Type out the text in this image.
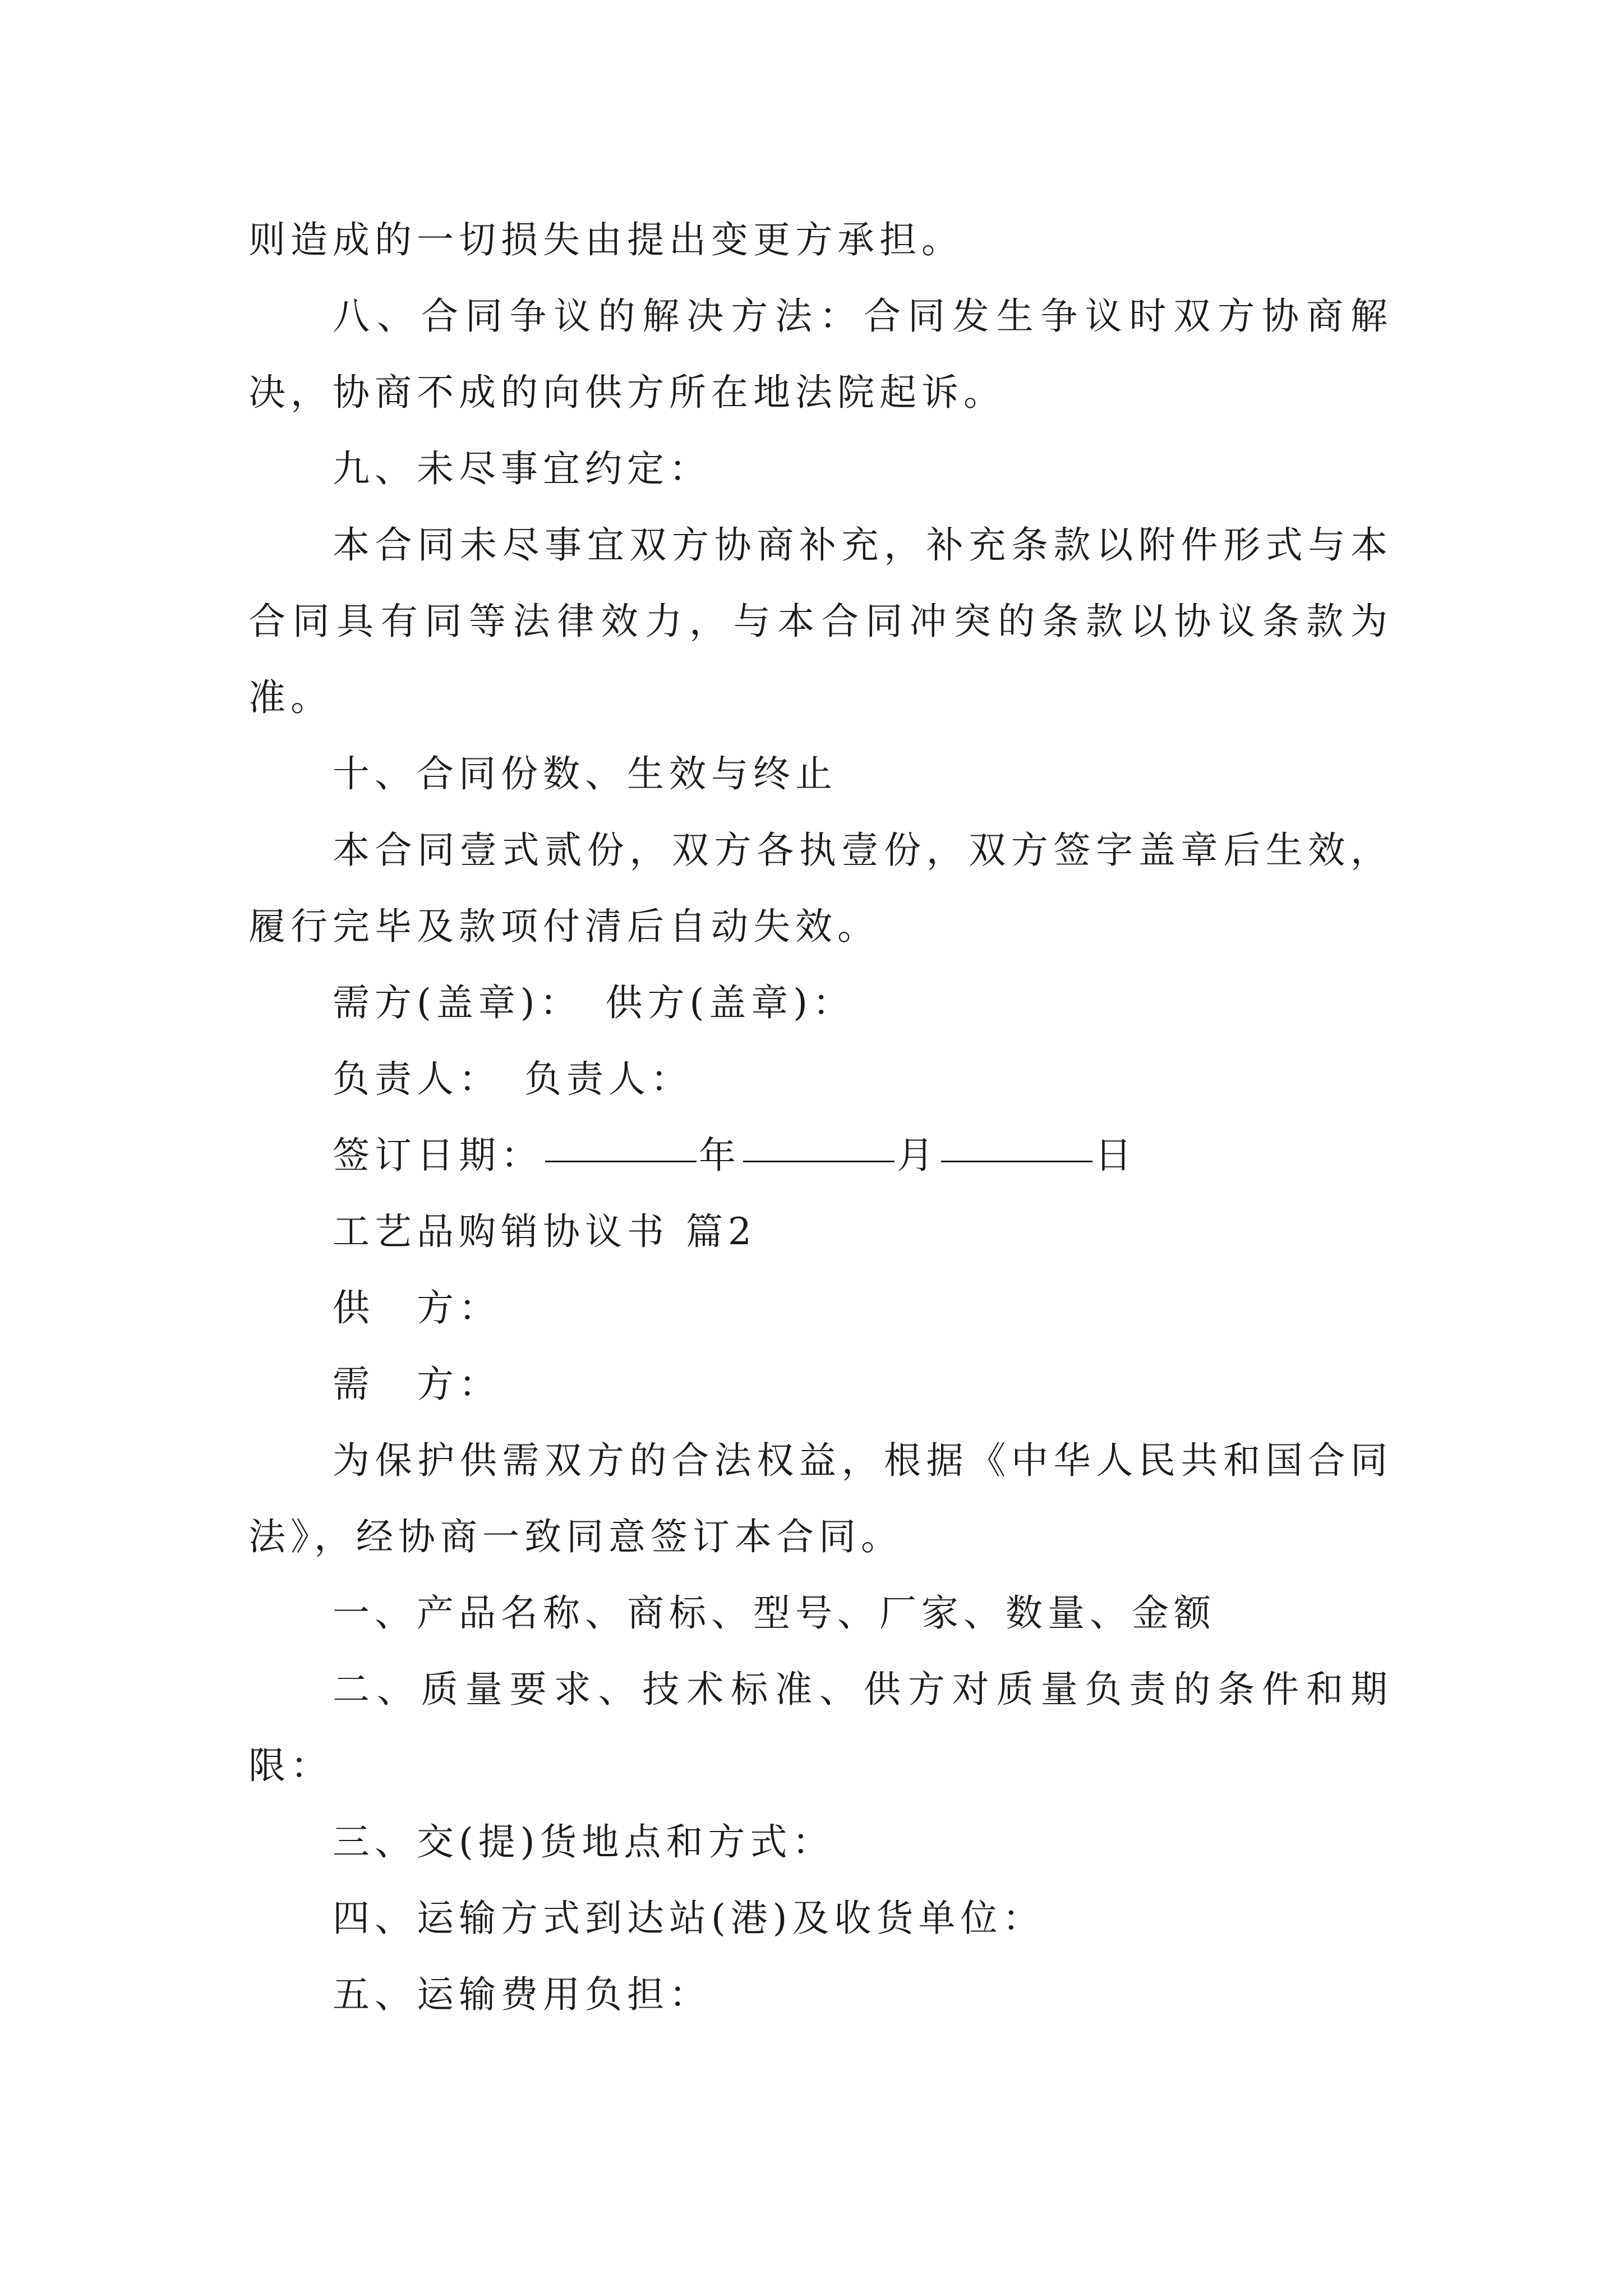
则造成的一切损失由提出变更方承担。

八、合同争议的解决方法：合同发生争议时双方协商解决，协商不成的向供方所在地法院起诉。

九、未尽事宜约定：

本合同未尽事宜双方协商补充，补充条款以附件形式与本合同具有同等法律效力，与本合同冲突的条款以协议条款为准。

十、合同份数、生效与终止

本合同壹式贰份，双方各执壹份，双方签字盖章后生效，履行完毕及款项付清后自动失效。

需方(盖章)：　供方(盖章)：

负责人：　负责人：

签订日期：	年	月	日

工艺品购销协议书 篇2

供　方：

需　方：

为保护供需双方的合法权益，根据《中华人民共和国合同法》，经协商一致同意签订本合同。

一、产品名称、商标、型号、厂家、数量、金额

二、质量要求、技术标准、供方对质量负责的条件和期限：

三、交(提)货地点和方式：

四、运输方式到达站(港)及收货单位：

五、运输费用负担：
